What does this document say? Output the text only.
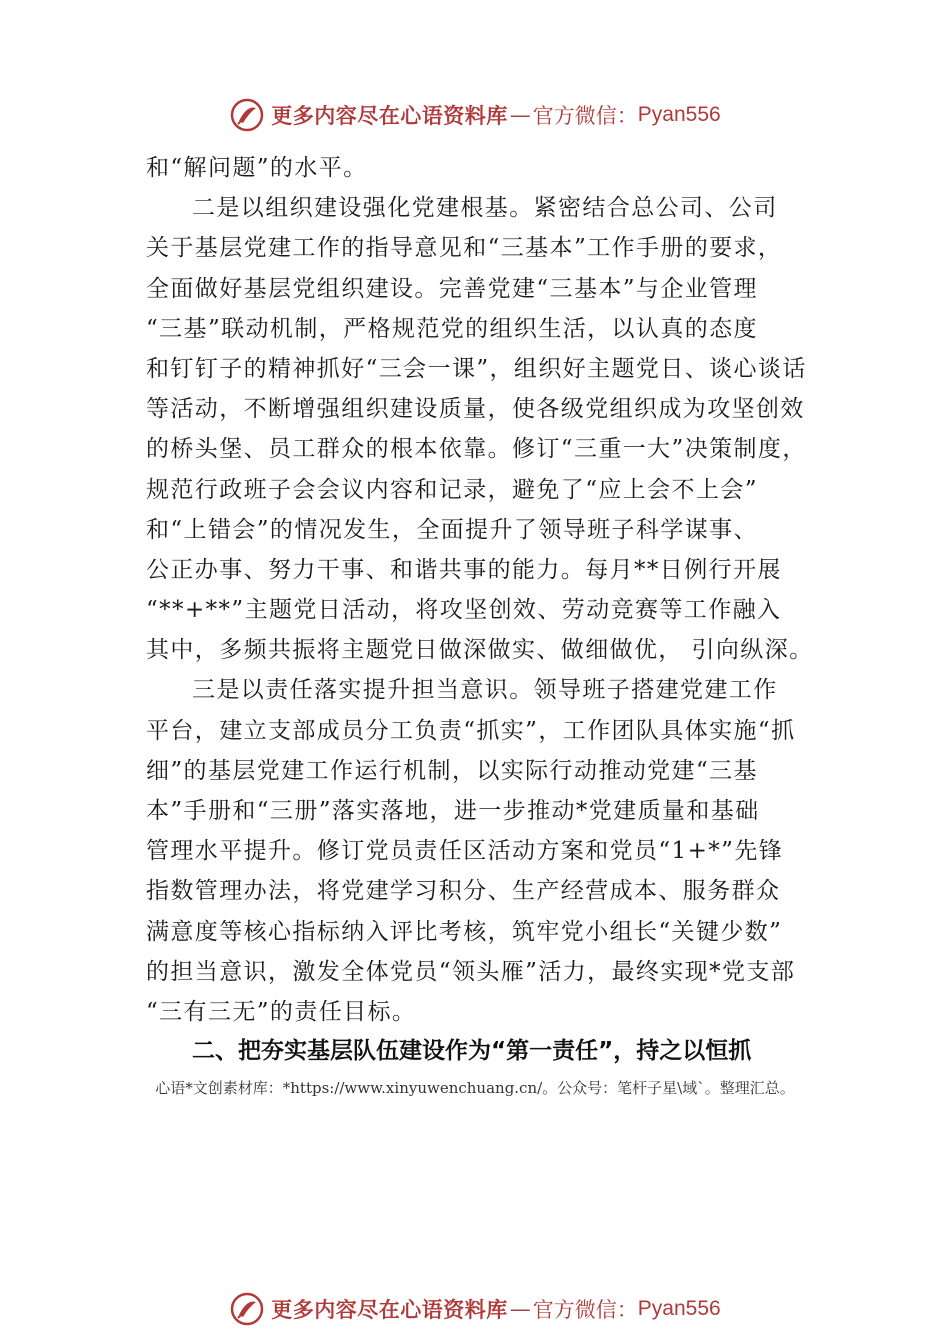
更多内容尽在心语资料库 — 官方微信： Pyan556
和“解问题”的水平。
二是以组织建设强化党建根基。紧密结合总公司、公司
关于基层党建工作的指导意见和“三基本”工作手册的要求，
全面做好基层党组织建设。完善党建“三基本”与企业管理
“三基”联动机制，严格规范党的组织生活，以认真的态度
和钉钉子的精神抓好“三会一课”，组织好主题党日、谈心谈话
等活动，不断增强组织建设质量，使各级党组织成为攻坚创效
的桥头堡、员工群众的根本依靠。修订“三重一大”决策制度，
规范行政班子会会议内容和记录，避免了“应上会不上会”
和“上错会”的情况发生，全面提升了领导班子科学谋事、
公正办事、努力干事、和谐共事的能力。每月**日例行开展
“**+**”主题党日活动，将攻坚创效、劳动竞赛等工作融入
其中，多频共振将主题党日做深做实、做细做优， 引向纵深。
三是以责任落实提升担当意识。领导班子搭建党建工作
平台，建立支部成员分工负责“抓实”，工作团队具体实施“抓
细”的基层党建工作运行机制，以实际行动推动党建“三基
本”手册和“三册”落实落地，进一步推动*党建质量和基础
管理水平提升。修订党员责任区活动方案和党员“1+*”先锋
指数管理办法，将党建学习积分、生产经营成本、服务群众
满意度等核心指标纳入评比考核，筑牢党小组长“关键少数”
的担当意识，激发全体党员“领头雁”活力，最终实现*党支部
“三有三无”的责任目标。
二、把夯实基层队伍建设作为“第一责任”，持之以恒抓
心语*文创素材库：*https://www.xinyuwenchuang.cn/。公众号：笔杆子星\域`。整理汇总。
更多内容尽在心语资料库 — 官方微信： Pyan556
